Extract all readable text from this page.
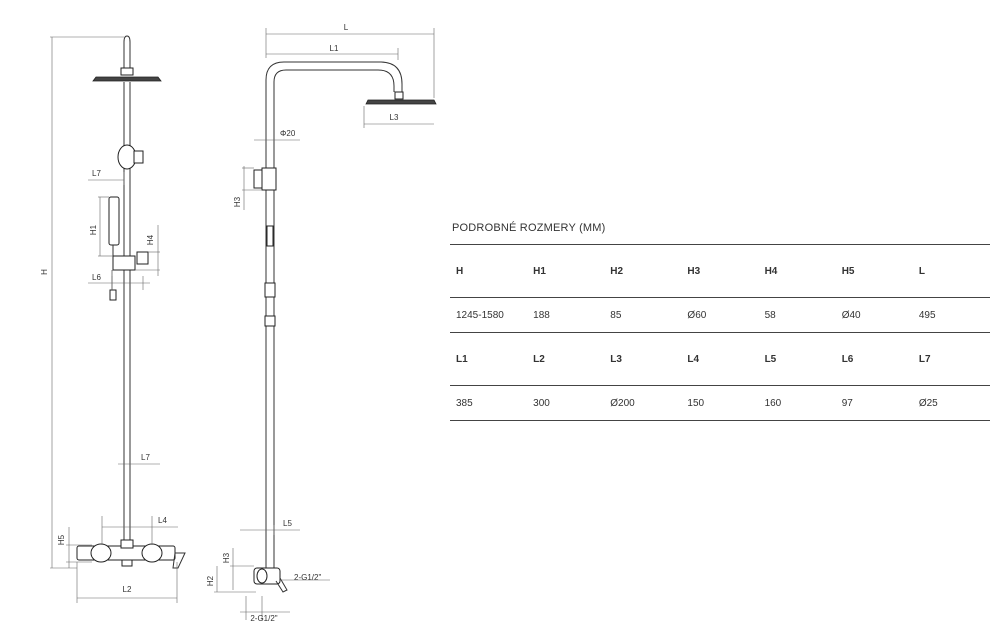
H
H1
H4
L7
L6
L7
L4
H5
L2
L
L1
L3
Φ20
H3
L5
H3
H2	2-G1/2"
2-G1/2"
PODROBNÉ ROZMERY (MM)
H	H1	H2	H3	H4	H5	L
1245-1580	188	85	Ø60	58	Ø40	495
L1	L2	L3	L4	L5	L6	L7
385	300	Ø200	150	160	97	Ø25
